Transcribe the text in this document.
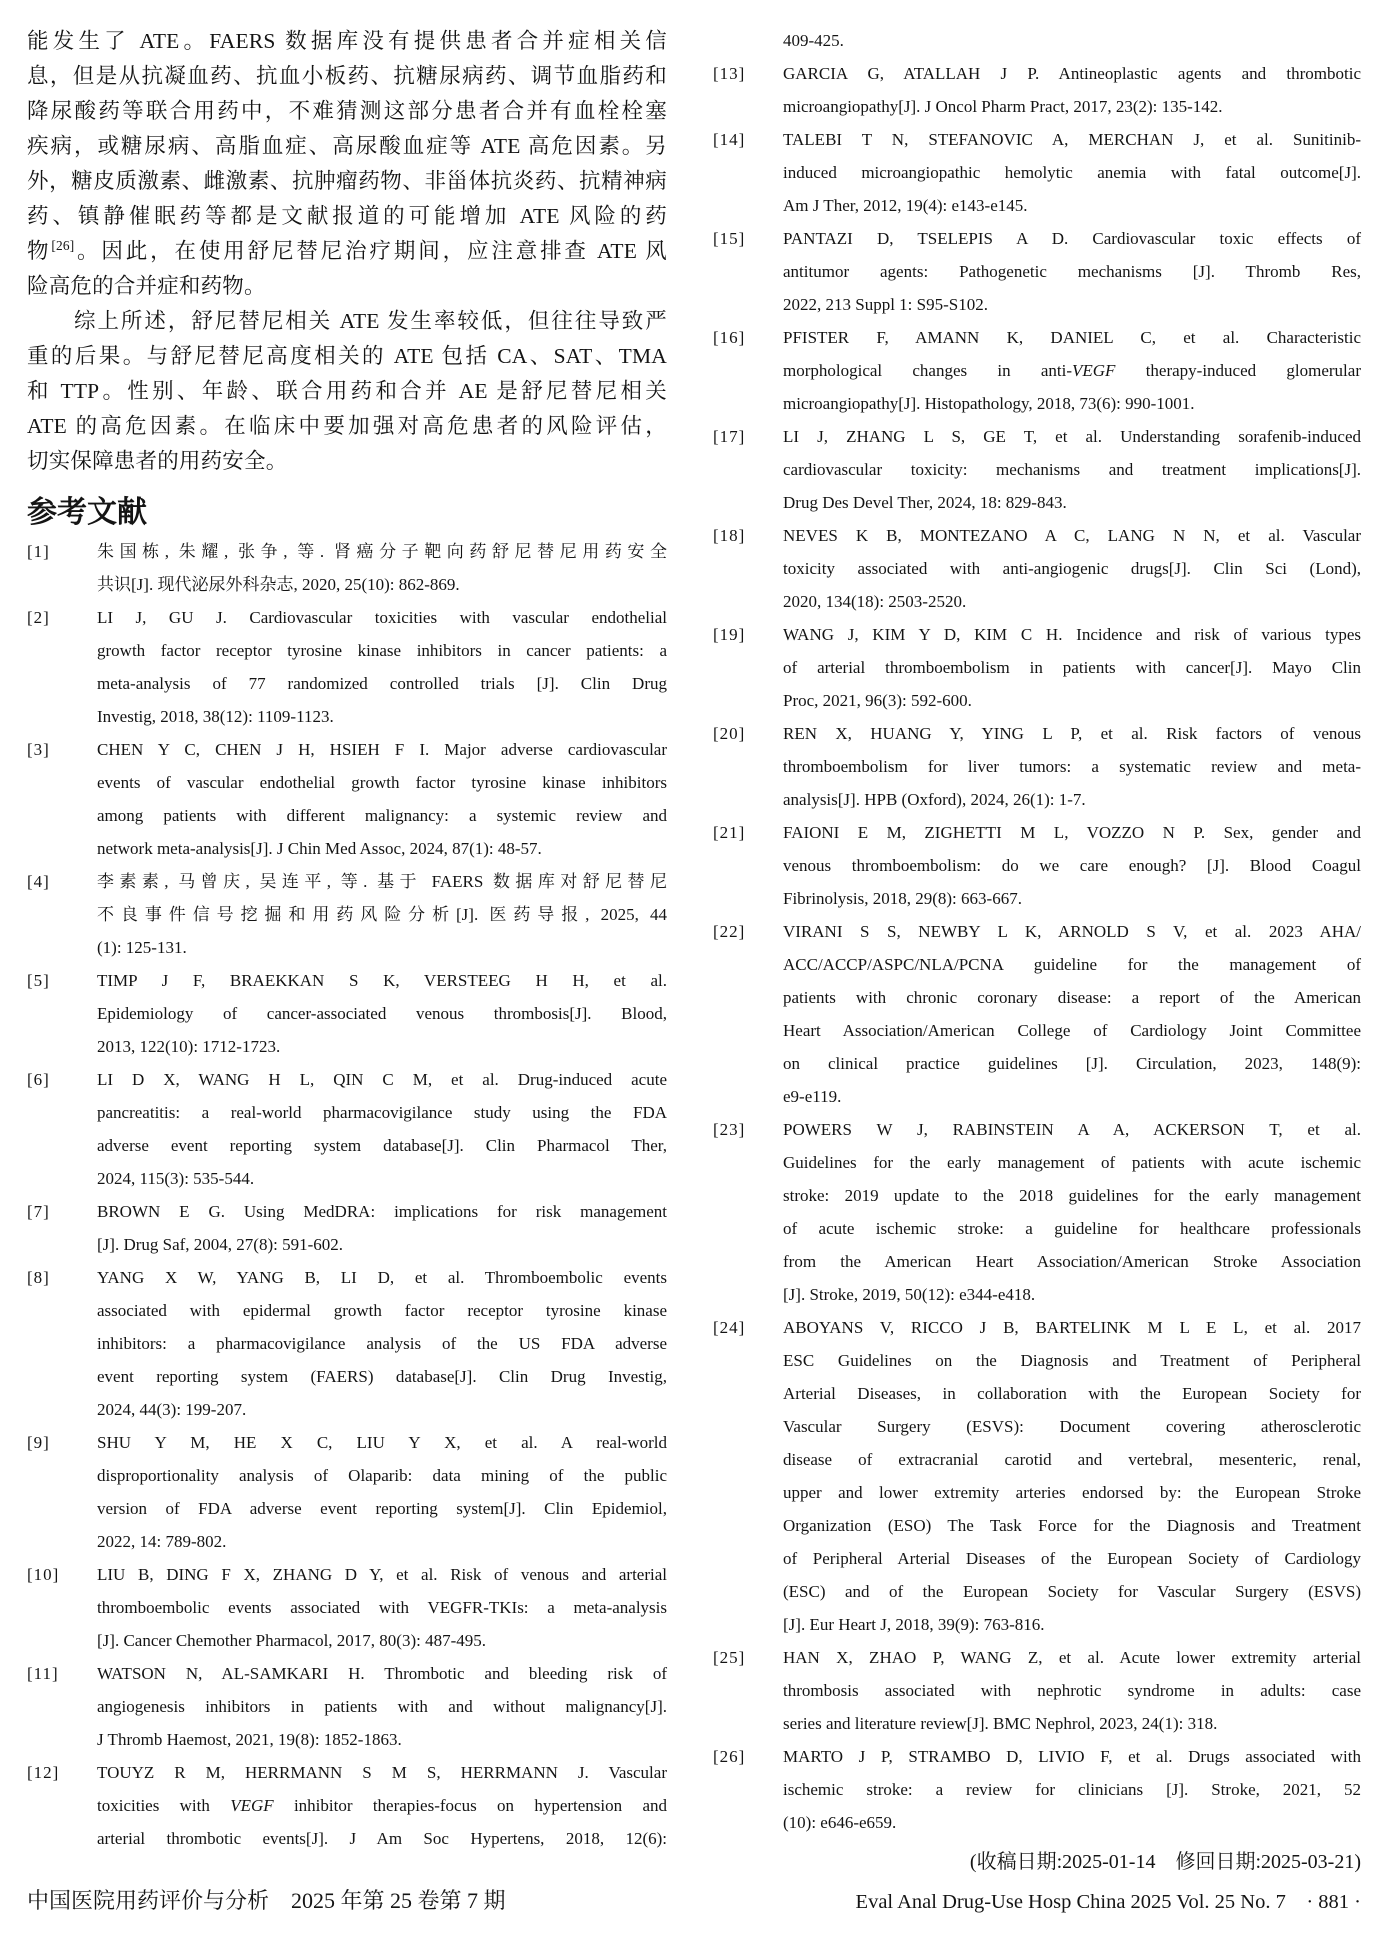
能发生了 ATE。FAERS 数据库没有提供患者合并症相关信
息，但是从抗凝血药、抗血小板药、抗糖尿病药、调节血脂药和
降尿酸药等联合用药中，不难猜测这部分患者合并有血栓栓塞
疾病，或糖尿病、高脂血症、高尿酸血症等 ATE 高危因素。另
外，糖皮质激素、雌激素、抗肿瘤药物、非甾体抗炎药、抗精神病
药、镇静催眠药等都是文献报道的可能增加 ATE 风险的药
物[26]。因此，在使用舒尼替尼治疗期间，应注意排查 ATE 风
险高危的合并症和药物。
　　综上所述，舒尼替尼相关 ATE 发生率较低，但往往导致严
重的后果。与舒尼替尼高度相关的 ATE 包括 CA、SAT、TMA
和 TTP。性别、年龄、联合用药和合并 AE 是舒尼替尼相关
ATE 的高危因素。在临床中要加强对高危患者的风险评估，
切实保障患者的用药安全。
参考文献
[1]	朱国栋, 朱耀, 张争, 等. 肾癌分子靶向药舒尼替尼用药安全
共识[J]. 现代泌尿外科杂志, 2020, 25(10): 862-869.
[2]	LI J, GU J. Cardiovascular toxicities with vascular endothelial
growth factor receptor tyrosine kinase inhibitors in cancer patients: a
meta-analysis of 77 randomized controlled trials [J]. Clin Drug
Investig, 2018, 38(12): 1109-1123.
[3]	CHEN Y C, CHEN J H, HSIEH F I. Major adverse cardiovascular
events of vascular endothelial growth factor tyrosine kinase inhibitors
among patients with different malignancy: a systemic review and
network meta-analysis[J]. J Chin Med Assoc, 2024, 87(1): 48-57.
[4]	李素素, 马曾庆, 吴连平, 等. 基于 FAERS 数据库对舒尼替尼
不良事件信号挖掘和用药风险分析[J]. 医药导报, 2025, 44
(1): 125-131.
[5]	TIMP J F, BRAEKKAN S K, VERSTEEG H H, et al.
Epidemiology of cancer-associated venous thrombosis[J]. Blood,
2013, 122(10): 1712-1723.
[6]	LI D X, WANG H L, QIN C M, et al. Drug-induced acute
pancreatitis: a real-world pharmacovigilance study using the FDA
adverse event reporting system database[J]. Clin Pharmacol Ther,
2024, 115(3): 535-544.
[7]	BROWN E G. Using MedDRA: implications for risk management
[J]. Drug Saf, 2004, 27(8): 591-602.
[8]	YANG X W, YANG B, LI D, et al. Thromboembolic events
associated with epidermal growth factor receptor tyrosine kinase
inhibitors: a pharmacovigilance analysis of the US FDA adverse
event reporting system (FAERS) database[J]. Clin Drug Investig,
2024, 44(3): 199-207.
[9]	SHU Y M, HE X C, LIU Y X, et al. A real-world
disproportionality analysis of Olaparib: data mining of the public
version of FDA adverse event reporting system[J]. Clin Epidemiol,
2022, 14: 789-802.
[10] LIU B, DING F X, ZHANG D Y, et al. Risk of venous and arterial
thromboembolic events associated with VEGFR-TKIs: a meta-analysis
[J]. Cancer Chemother Pharmacol, 2017, 80(3): 487-495.
[11] WATSON N, AL-SAMKARI H. Thrombotic and bleeding risk of
angiogenesis inhibitors in patients with and without malignancy[J].
J Thromb Haemost, 2021, 19(8): 1852-1863.
[12] TOUYZ R M, HERRMANN S M S, HERRMANN J. Vascular
toxicities with VEGF inhibitor therapies-focus on hypertension and
arterial thrombotic events[J]. J Am Soc Hypertens, 2018, 12(6):
409-425.
[13] GARCIA G, ATALLAH J P. Antineoplastic agents and thrombotic
microangiopathy[J]. J Oncol Pharm Pract, 2017, 23(2): 135-142.
[14] TALEBI T N, STEFANOVIC A, MERCHAN J, et al. Sunitinib-
induced microangiopathic hemolytic anemia with fatal outcome[J].
Am J Ther, 2012, 19(4): e143-e145.
[15] PANTAZI D, TSELEPIS A D. Cardiovascular toxic effects of
antitumor agents: Pathogenetic mechanisms [J]. Thromb Res,
2022, 213 Suppl 1: S95-S102.
[16] PFISTER F, AMANN K, DANIEL C, et al. Characteristic
morphological changes in anti-VEGF therapy-induced glomerular
microangiopathy[J]. Histopathology, 2018, 73(6): 990-1001.
[17] LI J, ZHANG L S, GE T, et al. Understanding sorafenib-induced
cardiovascular toxicity: mechanisms and treatment implications[J].
Drug Des Devel Ther, 2024, 18: 829-843.
[18] NEVES K B, MONTEZANO A C, LANG N N, et al. Vascular
toxicity associated with anti-angiogenic drugs[J]. Clin Sci (Lond),
2020, 134(18): 2503-2520.
[19] WANG J, KIM Y D, KIM C H. Incidence and risk of various types
of arterial thromboembolism in patients with cancer[J]. Mayo Clin
Proc, 2021, 96(3): 592-600.
[20] REN X, HUANG Y, YING L P, et al. Risk factors of venous
thromboembolism for liver tumors: a systematic review and meta-
analysis[J]. HPB (Oxford), 2024, 26(1): 1-7.
[21] FAIONI E M, ZIGHETTI M L, VOZZO N P. Sex, gender and
venous thromboembolism: do we care enough? [J]. Blood Coagul
Fibrinolysis, 2018, 29(8): 663-667.
[22] VIRANI S S, NEWBY L K, ARNOLD S V, et al. 2023 AHA/
ACC/ACCP/ASPC/NLA/PCNA guideline for the management of
patients with chronic coronary disease: a report of the American
Heart Association/American College of Cardiology Joint Committee
on clinical practice guidelines [J]. Circulation, 2023, 148(9):
e9-e119.
[23] POWERS W J, RABINSTEIN A A, ACKERSON T, et al.
Guidelines for the early management of patients with acute ischemic
stroke: 2019 update to the 2018 guidelines for the early management
of acute ischemic stroke: a guideline for healthcare professionals
from the American Heart Association/American Stroke Association
[J]. Stroke, 2019, 50(12): e344-e418.
[24] ABOYANS V, RICCO J B, BARTELINK M L E L, et al. 2017
ESC Guidelines on the Diagnosis and Treatment of Peripheral
Arterial Diseases, in collaboration with the European Society for
Vascular Surgery (ESVS): Document covering atherosclerotic
disease of extracranial carotid and vertebral, mesenteric, renal,
upper and lower extremity arteries endorsed by: the European Stroke
Organization (ESO) The Task Force for the Diagnosis and Treatment
of Peripheral Arterial Diseases of the European Society of Cardiology
(ESC) and of the European Society for Vascular Surgery (ESVS)
[J]. Eur Heart J, 2018, 39(9): 763-816.
[25] HAN X, ZHAO P, WANG Z, et al. Acute lower extremity arterial
thrombosis associated with nephrotic syndrome in adults: case
series and literature review[J]. BMC Nephrol, 2023, 24(1): 318.
[26] MARTO J P, STRAMBO D, LIVIO F, et al. Drugs associated with
ischemic stroke: a review for clinicians [J]. Stroke, 2021, 52
(10): e646-e659.
(收稿日期:2025-01-14　修回日期:2025-03-21)
中国医院用药评价与分析　2025 年第 25 卷第 7 期	Eval Anal Drug-Use Hosp China 2025 Vol. 25 No. 7　· 881 ·
